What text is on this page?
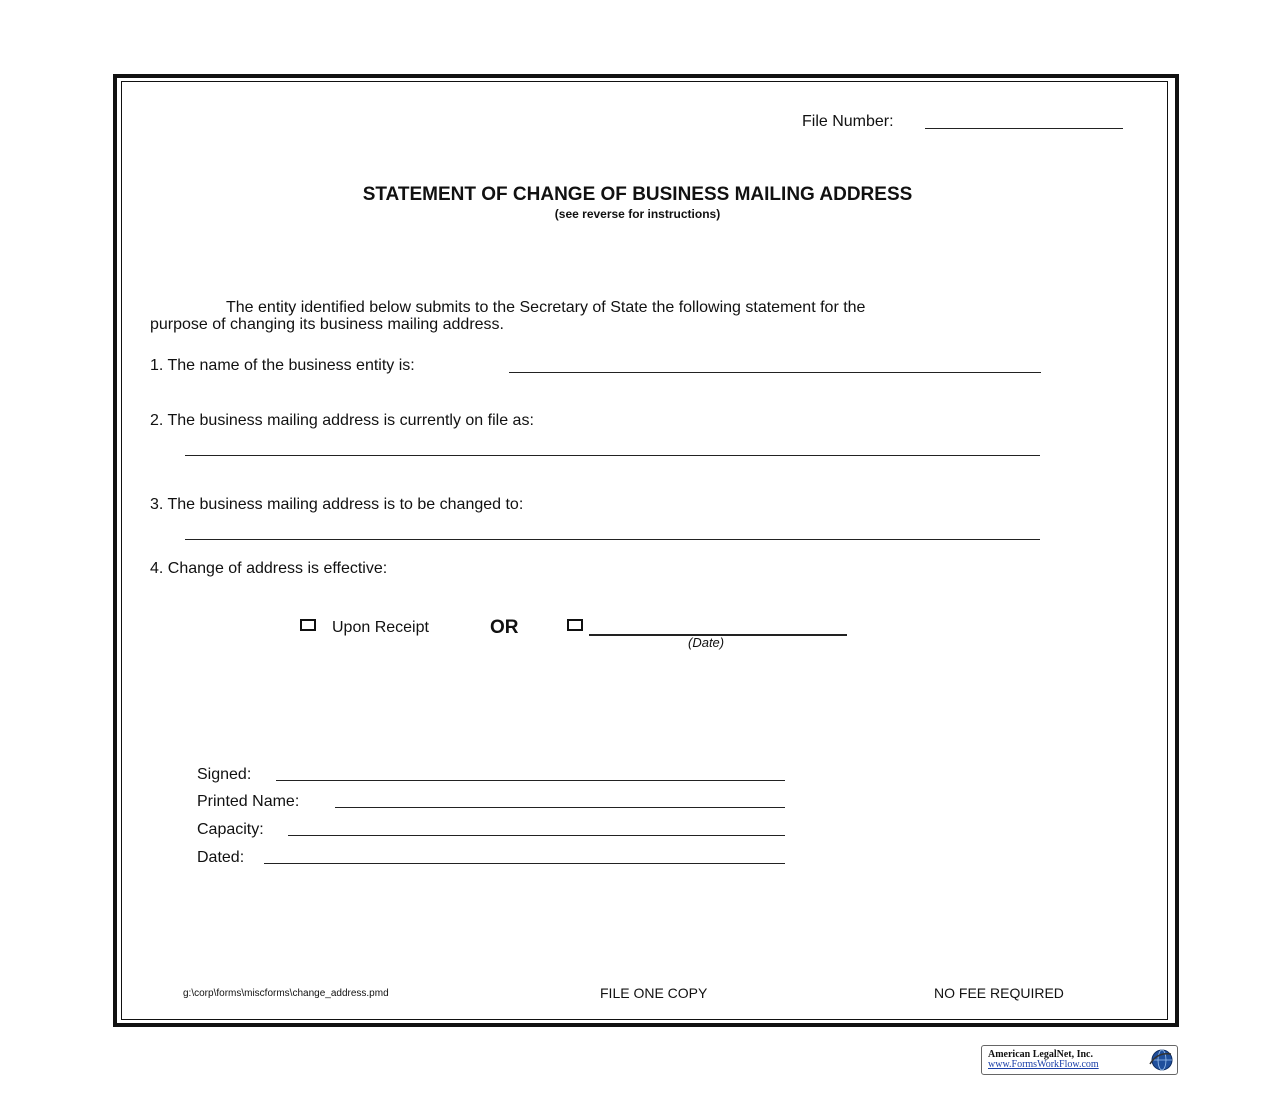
File Number:
STATEMENT OF CHANGE OF BUSINESS MAILING ADDRESS
(see reverse for instructions)
The entity identified below submits to the Secretary of State the following statement for the
purpose of changing its business mailing address.
1. The name of the business entity is:
2. The business mailing address is currently on file as:
3. The business mailing address is to be changed to:
4. Change of address is effective:
Upon Receipt	OR
(Date)
Signed:
Printed Name:
Capacity:
Dated:
g:\corp\forms\miscforms\change_address.pmd	FILE ONE COPY	NO FEE REQUIRED
American LegalNet, Inc.
www.FormsWorkFlow.com
